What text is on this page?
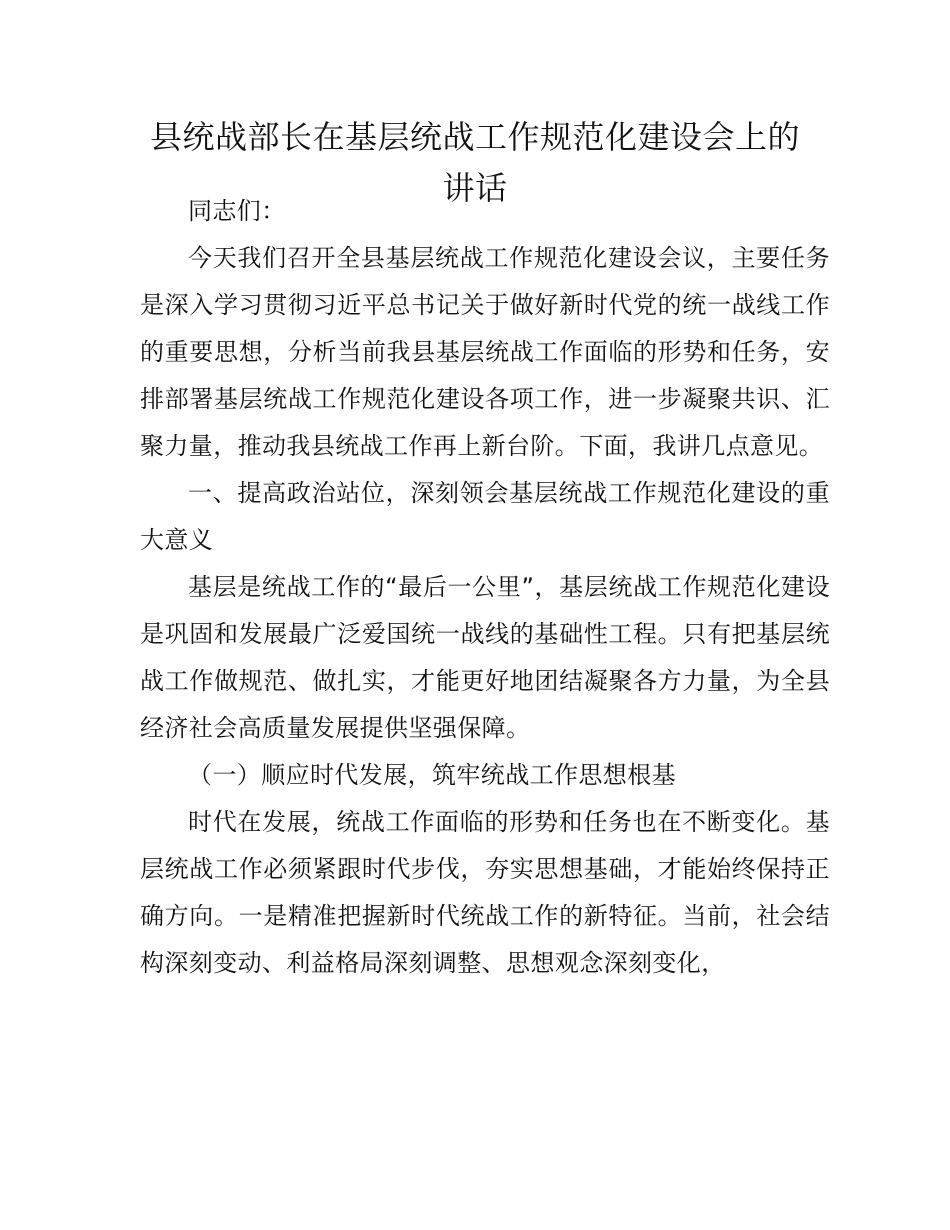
县统战部长在基层统战工作规范化建设会上的讲话

同志们：

今天我们召开全县基层统战工作规范化建设会议，主要任务是深入学习贯彻习近平总书记关于做好新时代党的统一战线工作的重要思想，分析当前我县基层统战工作面临的形势和任务，安排部署基层统战工作规范化建设各项工作，进一步凝聚共识、汇聚力量，推动我县统战工作再上新台阶。下面，我讲几点意见。

一、提高政治站位，深刻领会基层统战工作规范化建设的重大意义

基层是统战工作的“最后一公里”，基层统战工作规范化建设是巩固和发展最广泛爱国统一战线的基础性工程。只有把基层统战工作做规范、做扎实，才能更好地团结凝聚各方力量，为全县经济社会高质量发展提供坚强保障。

（一）顺应时代发展，筑牢统战工作思想根基

时代在发展，统战工作面临的形势和任务也在不断变化。基层统战工作必须紧跟时代步伐，夯实思想基础，才能始终保持正确方向。一是精准把握新时代统战工作的新特征。当前，社会结构深刻变动、利益格局深刻调整、思想观念深刻变化，
